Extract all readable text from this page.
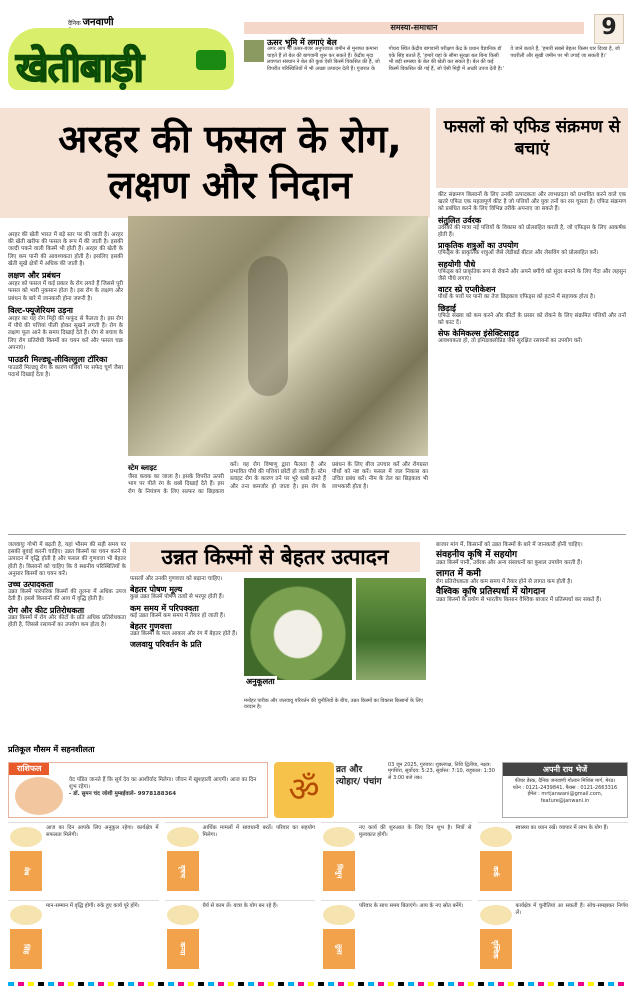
दैनिक जनवाणी
खेतीबाड़ी
समस्या-समाधान	9
ऊसर भूमि में लगाएं बेल
अगर आप भी ऊसर-बंजर अनुपजाऊ जमीन से मुनाफा कमाना चाहते हैं तो बेल की बागवानी शुरू कर सकते हैं। केंद्रीय मृदा लवणता संस्थान ने बेल की कुछ ऐसी किस्में विकसित की हैं, जो विपरीत परिस्थितियों में भी अच्छा उत्पादन देती हैं। गुजरात के गोधरा स्थित केंद्रीय बागवानी परीक्षण केंद्र के प्रधान वैज्ञानिक डॉ एके सिंह बताते हैं, 'हमारे यहां के सीमा सुरक्षा बल बिना किसी भी बड़ी समस्या के बेल की खेती कर सकते हैं। बेल की कई किस्में विकसित की गई हैं, जो ऐसी मिट्टी में अच्छी उपज देती हैं।' वे जाने बताते हैं, 'हमारी सबसे बेहतर किस्म थार दिव्या है, जो पथरीली और सूखी जमीन पर भी उगाई जा सकती है।'
अरहर की फसल के रोग, लक्षण और निदान

अरहर की खेती भारत में बड़े स्तर पर की जाती है। अरहर की खेती खरीफ की फसल के रूप में की जाती है। इसकी जल्दी पकने वाली किस्में भी होती हैं। अरहर की खेती के लिए कम पानी की आवश्यकता होती है। इसलिए इसकी खेती सूखे क्षेत्रों में अधिक की जाती है।

लक्षण और प्रबंधन

अरहर को फसल में कई प्रकार के रोग लगते हैं जिससे पूरी फसल को भारी नुकसान होता है। इस रोग के लक्षण और प्रबंधन के बारे में जानकारी होना जरूरी है।

विल्ट-फ्यूजेरियम उड़ना

अरहर का यह रोग मिट्टी की फफूंद से फैलता है। इस रोग में पौधे की पत्तियां पीली होकर सूखने लगती हैं। रोग के लक्षण फूल आने के समय दिखाई देते हैं। रोग से बचाव के लिए रोग प्रतिरोधी किस्मों का चयन करें और फसल चक्र अपनाएं।

पाउडरी मिल्ड्यू-लीविल्लुला टॉरिका

पाउडरी मिल्ड्यू रोग के कारण पत्तियों पर सफेद चूर्ण जैसा पदार्थ दिखाई देता है।

स्टेम ब्लाइट
जैसा कवक का जाला है। इसके विपरीत ऊपरी भाग पर पीले रंग के धब्बे दिखाई देते हैं। इस रोग के नियंत्रण के लिए सल्फर का छिड़काव करें। यह रोग विषाणु द्वारा फैलता है और प्रभावित पौधे की पत्तियां छोटी हो जाती हैं। स्टेम ब्लाइट रोग के कारण तने पर भूरे धब्बे बनते हैं और तना कमजोर हो जाता है। इस रोग के प्रबंधन के लिए बीज उपचार करें और रोगग्रस्त पौधों को नष्ट करें। फसल में जल निकास का उचित प्रबंध करें। नीम के तेल का छिड़काव भी लाभकारी होता है।
फसलों को एफिड संक्रमण से बचाएं

कीट संक्रमण किसानों के लिए उनकी उत्पादकता और लाभप्रदता को प्रभावित करने वाले एक खतरे एफिड एक महत्वपूर्ण कीट है जो पत्तियों और युवा तनों का रस चूसता है। एफिड संक्रमण को प्रबंधित करने के लिए विभिन्न तरीके अपनाए जा सकते हैं।

संतुलित उर्वरक

उर्वरकों की मात्रा नई पत्तियों के विकास को प्रोत्साहित करती है, जो एफिड्स के लिए आकर्षक होती हैं।

प्राकृतिक शत्रुओं का उपयोग

एफिड्स के प्राकृतिक शत्रुओं जैसे लेडीबर्ड बीटल और लेसविंग को प्रोत्साहित करें।

सहयोगी पौधे

एफिड्स को प्राकृतिक रूप से रोकने और अपने बगीचे को सुंदर बनाने के लिए गेंदा और लहसुन जैसे पौधे लगाएं।

वाटर स्प्रे एप्लीकेशन

पौधों के पत्तों पर पानी का तेज छिड़काव एफिड्स को हटाने में सहायक होता है।

छिड़ाई

एफिड संख्या को कम करने और कीटों के प्रसार को रोकने के लिए संक्रमित पत्तियों और तनों को काट दें।

सेफ केमिकल्स इंसेक्टिसाइड

आवश्यकता हो, तो इमिडाक्लोप्रिड जैसे सुरक्षित रसायनों का उपयोग करें।

जलवायुः गोभी में बढ़ती है, यहां भौसम की सही समय पर इसकी बुवाई करनी चाहिए। उन्नत किस्मों का चयन करने से उत्पादन में वृद्धि होती है और फसल की गुणवत्ता भी बेहतर होती है। किसानों को चाहिए कि वे स्थानीय परिस्थितियों के अनुसार किस्मों का चयन करें।

उच्च उत्पादकता

उन्नत किस्में पारंपरिक किस्मों की तुलना में अधिक उपज देती हैं। इससे किसानों की आय में वृद्धि होती है।

रोग और कीट प्रतिरोधकता

उन्नत किस्मों में रोग और कीटों के प्रति अधिक प्रतिरोधकता होती है, जिससे रसायनों का उपयोग कम होता है।

प्रतिकूल मौसम में सहनशीलता
उन्नत किस्मों से बेहतर उत्पादन

फसलों और उनकी गुणवत्ता को बढ़ाना चाहिए।

बेहतर पोषण मूल्य

कुछ उन्नत किस्में पोषण तत्वों से भरपूर होती हैं।

कम समय में परिपक्वता

कई उन्नत किस्में कम समय में तैयार हो जाती हैं।

बेहतर गुणवत्ता

उन्नत किस्मों के फल आकार और रंग में बेहतर होते हैं।

जलवायु परिवर्तन के प्रति
अनुकूलता
मनोहर पारीक और जलवायु परिवर्तन की चुनौतियों के बीच, उन्नत किस्मों का विकास किसानों के लिए वरदान है।

बाजार मांग में, किसानों को उन्नत किस्मों के बारे में जानकारी होनी चाहिए।

संवहनीय कृषि में सहयोग

उन्नत किस्में पानी, उर्वरक और अन्य संसाधनों का कुशल उपयोग करती हैं।

लागत में कमी

रोग प्रतिरोधकता और कम समय में तैयार होने से लागत कम होती है।

वैश्विक कृषि प्रतिस्पर्धा में योगदान

उन्नत किस्मों के प्रयोग से भारतीय किसान वैश्विक बाजार में प्रतिस्पर्धा कर सकते हैं।

राशिफल
वेद पंडित जानते हैं कि सूर्य देव का आशीर्वाद मिलेगा। जीवन में खुशहाली आएगी। आज का दिन शुभ रहेगा।
- डॉ. सुमन चंद जोशी मुम्बईवाले- 9978188364	ॐ	व्रत और त्योहार/ पंचांग
03 जून 2025, गुरुवार। शुक्लपक्ष, तिथि द्वितीया, नक्षत्र: मृगशिरा, सूर्योदय: 5:23, सूर्यास्त: 7:10, राहुकाल: 1:30 से 3:00 बजे तक।
अपनी राय भेजें
फीचर डेस्क, दैनिक जनवाणी गोल्डन मिशिस मार्ग, मेरठ।
फोन : 0121-2439841, फैक्स : 0121-2663316
ईमेल : mrtjanwani@gmail.com, feature@janwani.in
मेष

आज का दिन आपके लिए अनुकूल रहेगा। कार्यक्षेत्र में सफलता मिलेगी।

वृषभ

आर्थिक मामलों में सावधानी बरतें। परिवार का सहयोग मिलेगा।

मिथुन

नए कार्य की शुरुआत के लिए दिन शुभ है। मित्रों से मुलाकात होगी।

कर्क

स्वास्थ्य का ध्यान रखें। व्यापार में लाभ के योग हैं।

सिंह

मान-सम्मान में वृद्धि होगी। रुके हुए कार्य पूरे होंगे।

कन्या

धैर्य से काम लें। यात्रा के योग बन रहे हैं।

तुला

परिवार के साथ समय बिताएंगे। आय के नए स्रोत बनेंगे।

वृश्चिक

कार्यक्षेत्र में चुनौतियां आ सकती हैं। सोच-समझकर निर्णय लें।
